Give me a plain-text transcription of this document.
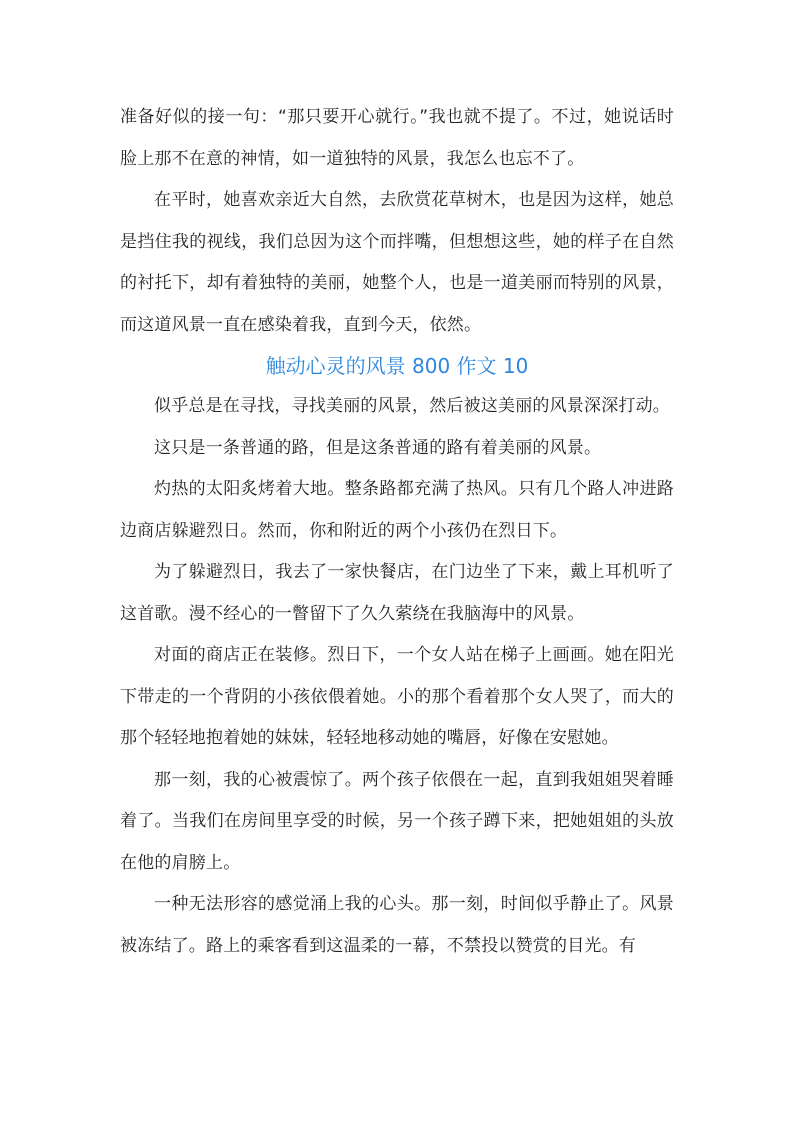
准备好似的接一句：“那只要开心就行。”我也就不提了。不过，她说话时脸上那不在意的神情，如一道独特的风景，我怎么也忘不了。

在平时，她喜欢亲近大自然，去欣赏花草树木，也是因为这样，她总是挡住我的视线，我们总因为这个而拌嘴，但想想这些，她的样子在自然的衬托下，却有着独特的美丽，她整个人，也是一道美丽而特别的风景，而这道风景一直在感染着我，直到今天，依然。

触动心灵的风景 800 作文 10

似乎总是在寻找，寻找美丽的风景，然后被这美丽的风景深深打动。

这只是一条普通的路，但是这条普通的路有着美丽的风景。

灼热的太阳炙烤着大地。整条路都充满了热风。只有几个路人冲进路边商店躲避烈日。然而，你和附近的两个小孩仍在烈日下。

为了躲避烈日，我去了一家快餐店，在门边坐了下来，戴上耳机听了这首歌。漫不经心的一瞥留下了久久萦绕在我脑海中的风景。

对面的商店正在装修。烈日下，一个女人站在梯子上画画。她在阳光下带走的一个背阴的小孩依偎着她。小的那个看着那个女人哭了，而大的那个轻轻地抱着她的妹妹，轻轻地移动她的嘴唇，好像在安慰她。

那一刻，我的心被震惊了。两个孩子依偎在一起，直到我姐姐哭着睡着了。当我们在房间里享受的时候，另一个孩子蹲下来，把她姐姐的头放在他的肩膀上。

一种无法形容的感觉涌上我的心头。那一刻，时间似乎静止了。风景被冻结了。路上的乘客看到这温柔的一幕，不禁投以赞赏的目光。有
